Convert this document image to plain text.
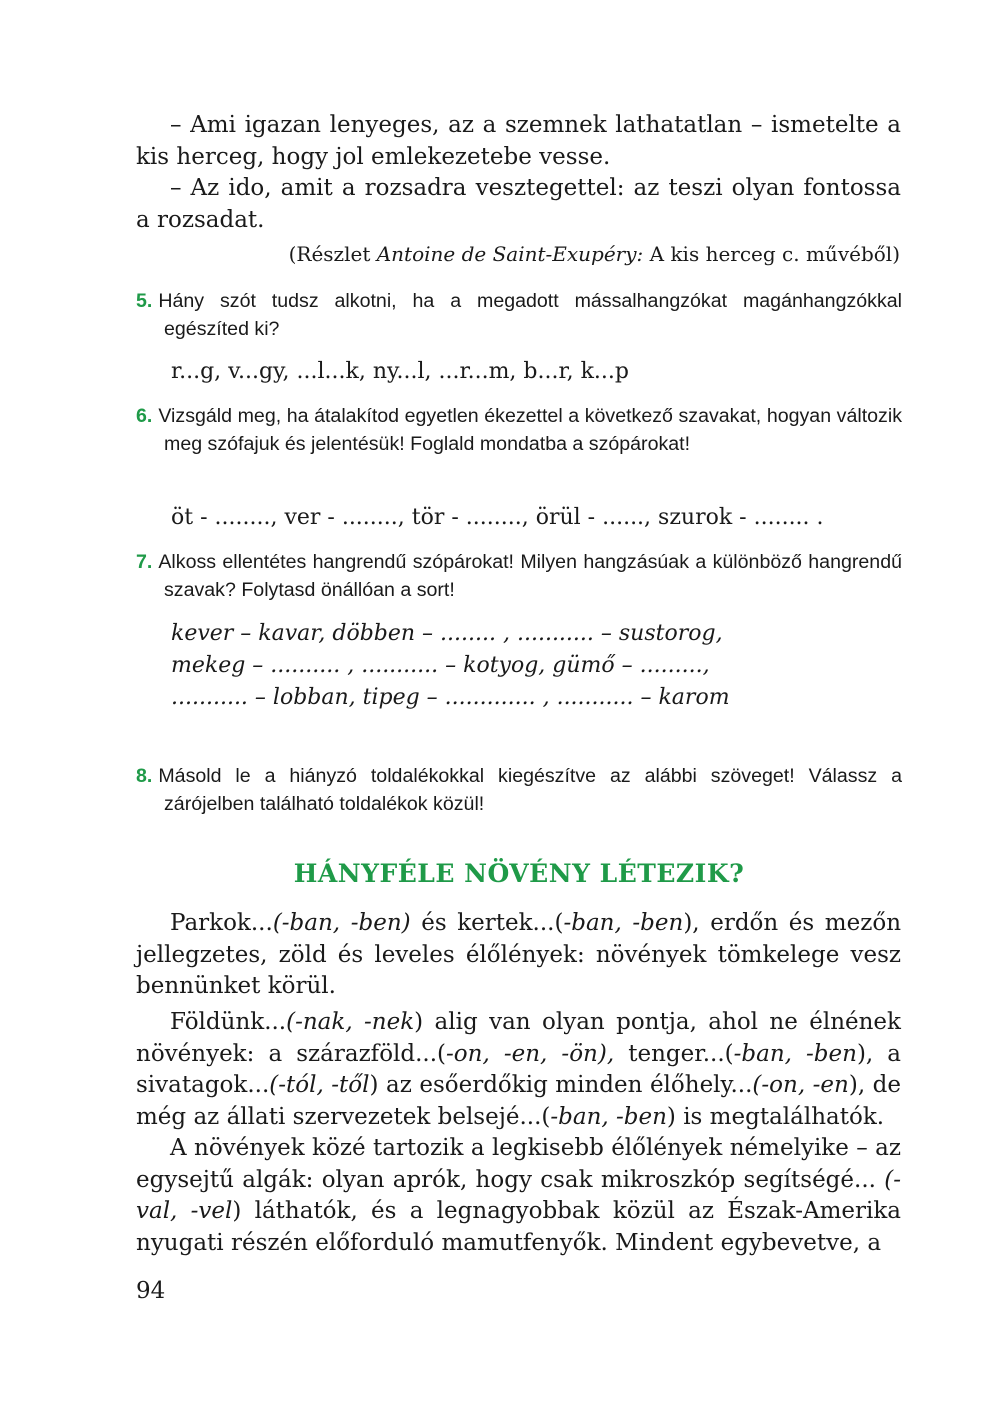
– Ami igazan lenyeges, az a szemnek lathatatlan – ismetelte a kis herceg, hogy jol emlekezetebe vesse.
– Az ido, amit a rozsadra vesztegettel: az teszi olyan fontossa a rozsadat.
(Részlet Antoine de Saint-Exupéry: A kis herceg c. művéből)
5. Hány szót tudsz alkotni, ha a megadott mássalhangzókat magánhangzókkal egészíted ki?
r...g, v...gy, ...l...k, ny...l, ...r...m, b...r, k...p
6. Vizsgáld meg, ha átalakítod egyetlen ékezettel a következő szavakat, hogyan változik meg szófajuk és jelentésük! Foglald mondatba a szópárokat!
öt - ........, ver - ........, tör - ........, örül - ......, szurok - ........ .
7. Alkoss ellentétes hangrendű szópárokat! Milyen hangzásúak a különböző hangrendű szavak? Folytasd önállóan a sort!
kever – kavar, döbben – ........ , ........... – sustorog,
mekeg – .......... , ........... – kotyog, gümő – .........,
........... – lobban, tipeg – ............. , ........... – karom
8. Másold le a hiányzó toldalékokkal kiegészítve az alábbi szöveget! Válassz a zárójelben található toldalékok közül!
HÁNYFÉLE NÖVÉNY LÉTEZIK?
Parkok...(-ban, -ben) és kertek...(-ban, -ben), erdőn és mezőn jellegzetes, zöld és leveles élőlények: növények tömkelege vesz bennünket körül.
Földünk...(-nak, -nek) alig van olyan pontja, ahol ne élnének növények: a szárazföld...(-on, -en, -ön), tenger...(-ban, -ben), a sivatagok...(-tól, -től) az esőerdőkig minden élőhely...(-on, -en), de még az állati szervezetek belsejé...(-ban, -ben) is megtalálhatók.
A növények közé tartozik a legkisebb élőlények némelyike – az egysejtű algák: olyan aprók, hogy csak mikroszkóp segítségé... (-val, -vel) láthatók, és a legnagyobbak közül az Észak-Amerika nyugati részén előforduló mamutfenyők. Mindent egybevetve, a
94
